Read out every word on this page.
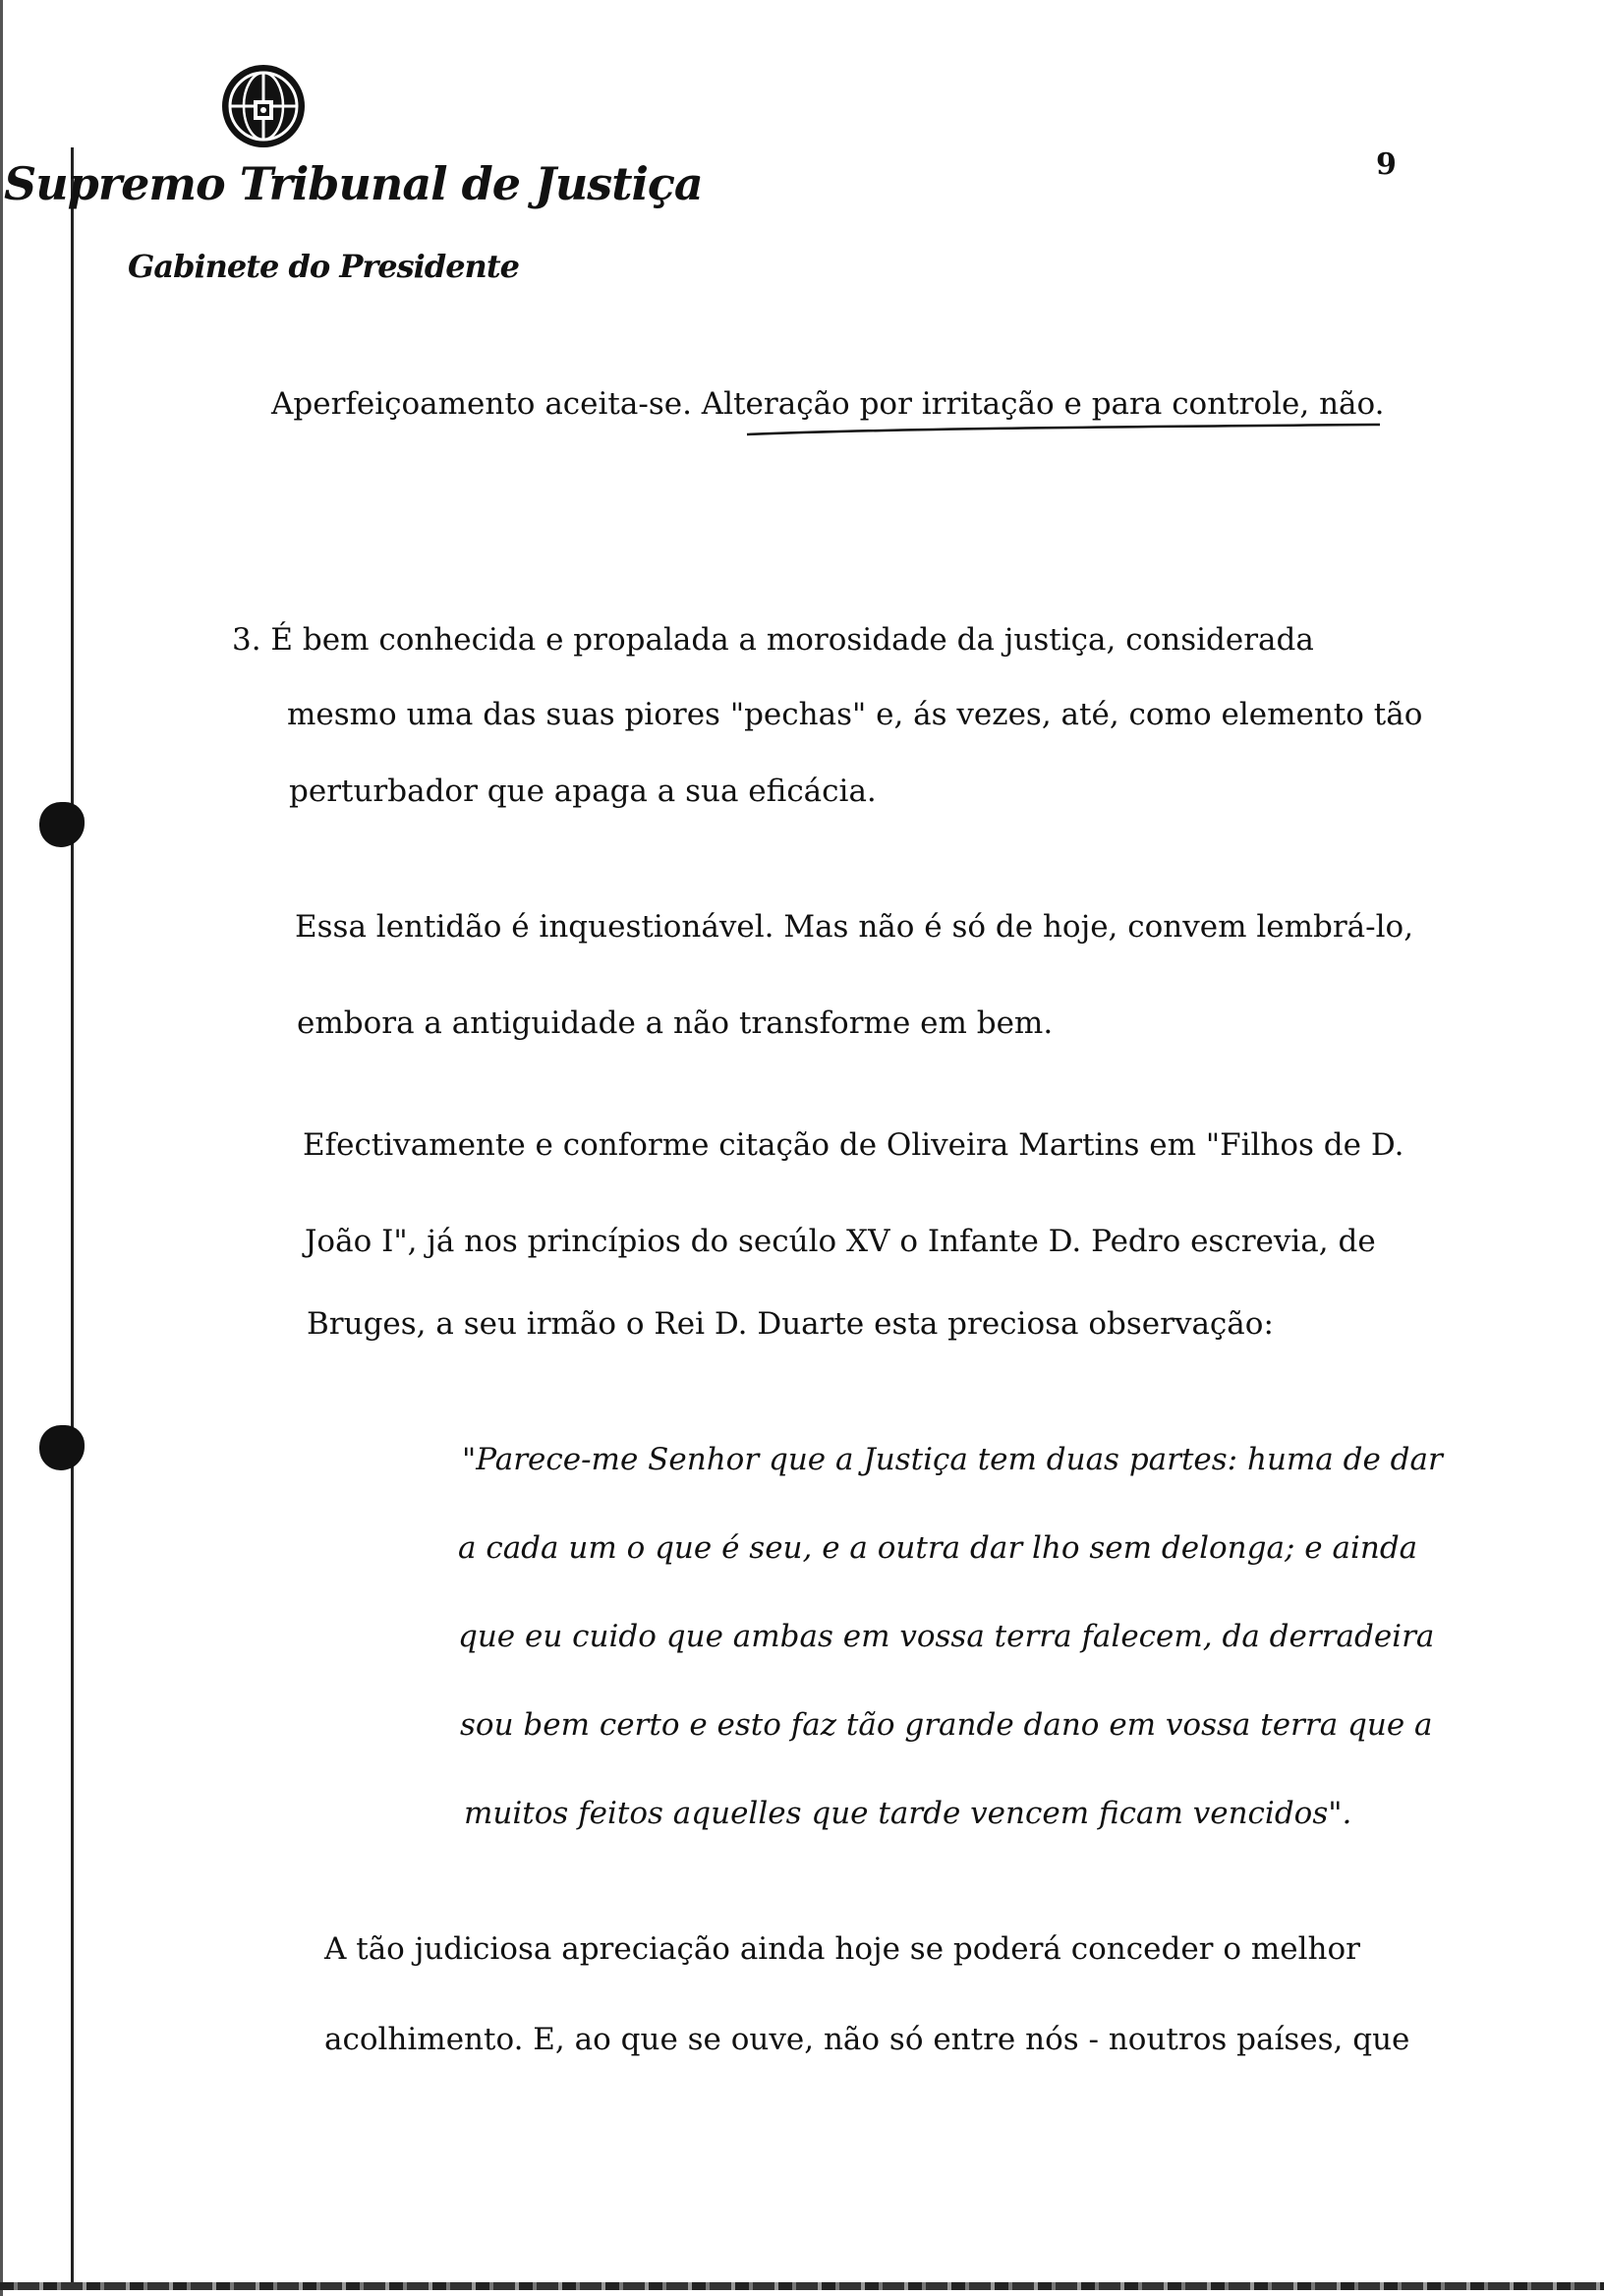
Supremo Tribunal de Justiça
Gabinete do Presidente
9
Aperfeiçoamento aceita-se. Alteração por irritação e para controle, não.
3. É bem conhecida e propalada a morosidade da justiça, considerada
mesmo uma das suas piores "pechas" e, ás vezes, até, como elemento tão
perturbador que apaga a sua eficácia.
Essa lentidão é inquestionável. Mas não é só de hoje, convem lembrá-lo,
embora a antiguidade a não transforme em bem.
Efectivamente e conforme citação de Oliveira Martins em "Filhos de D.
João I", já nos princípios do secúlo XV o Infante D. Pedro escrevia, de
Bruges, a seu irmão o Rei D. Duarte esta preciosa observação:
"Parece-me Senhor que a Justiça tem duas partes: huma de dar
a cada um o que é seu, e a outra dar lho sem delonga; e ainda
que eu cuido que ambas em vossa terra falecem, da derradeira
sou bem certo e esto faz tão grande dano em vossa terra que a
muitos feitos aquelles que tarde vencem ficam vencidos".
A tão judiciosa apreciação ainda hoje se poderá conceder o melhor
acolhimento. E, ao que se ouve, não só entre nós - noutros países, que
